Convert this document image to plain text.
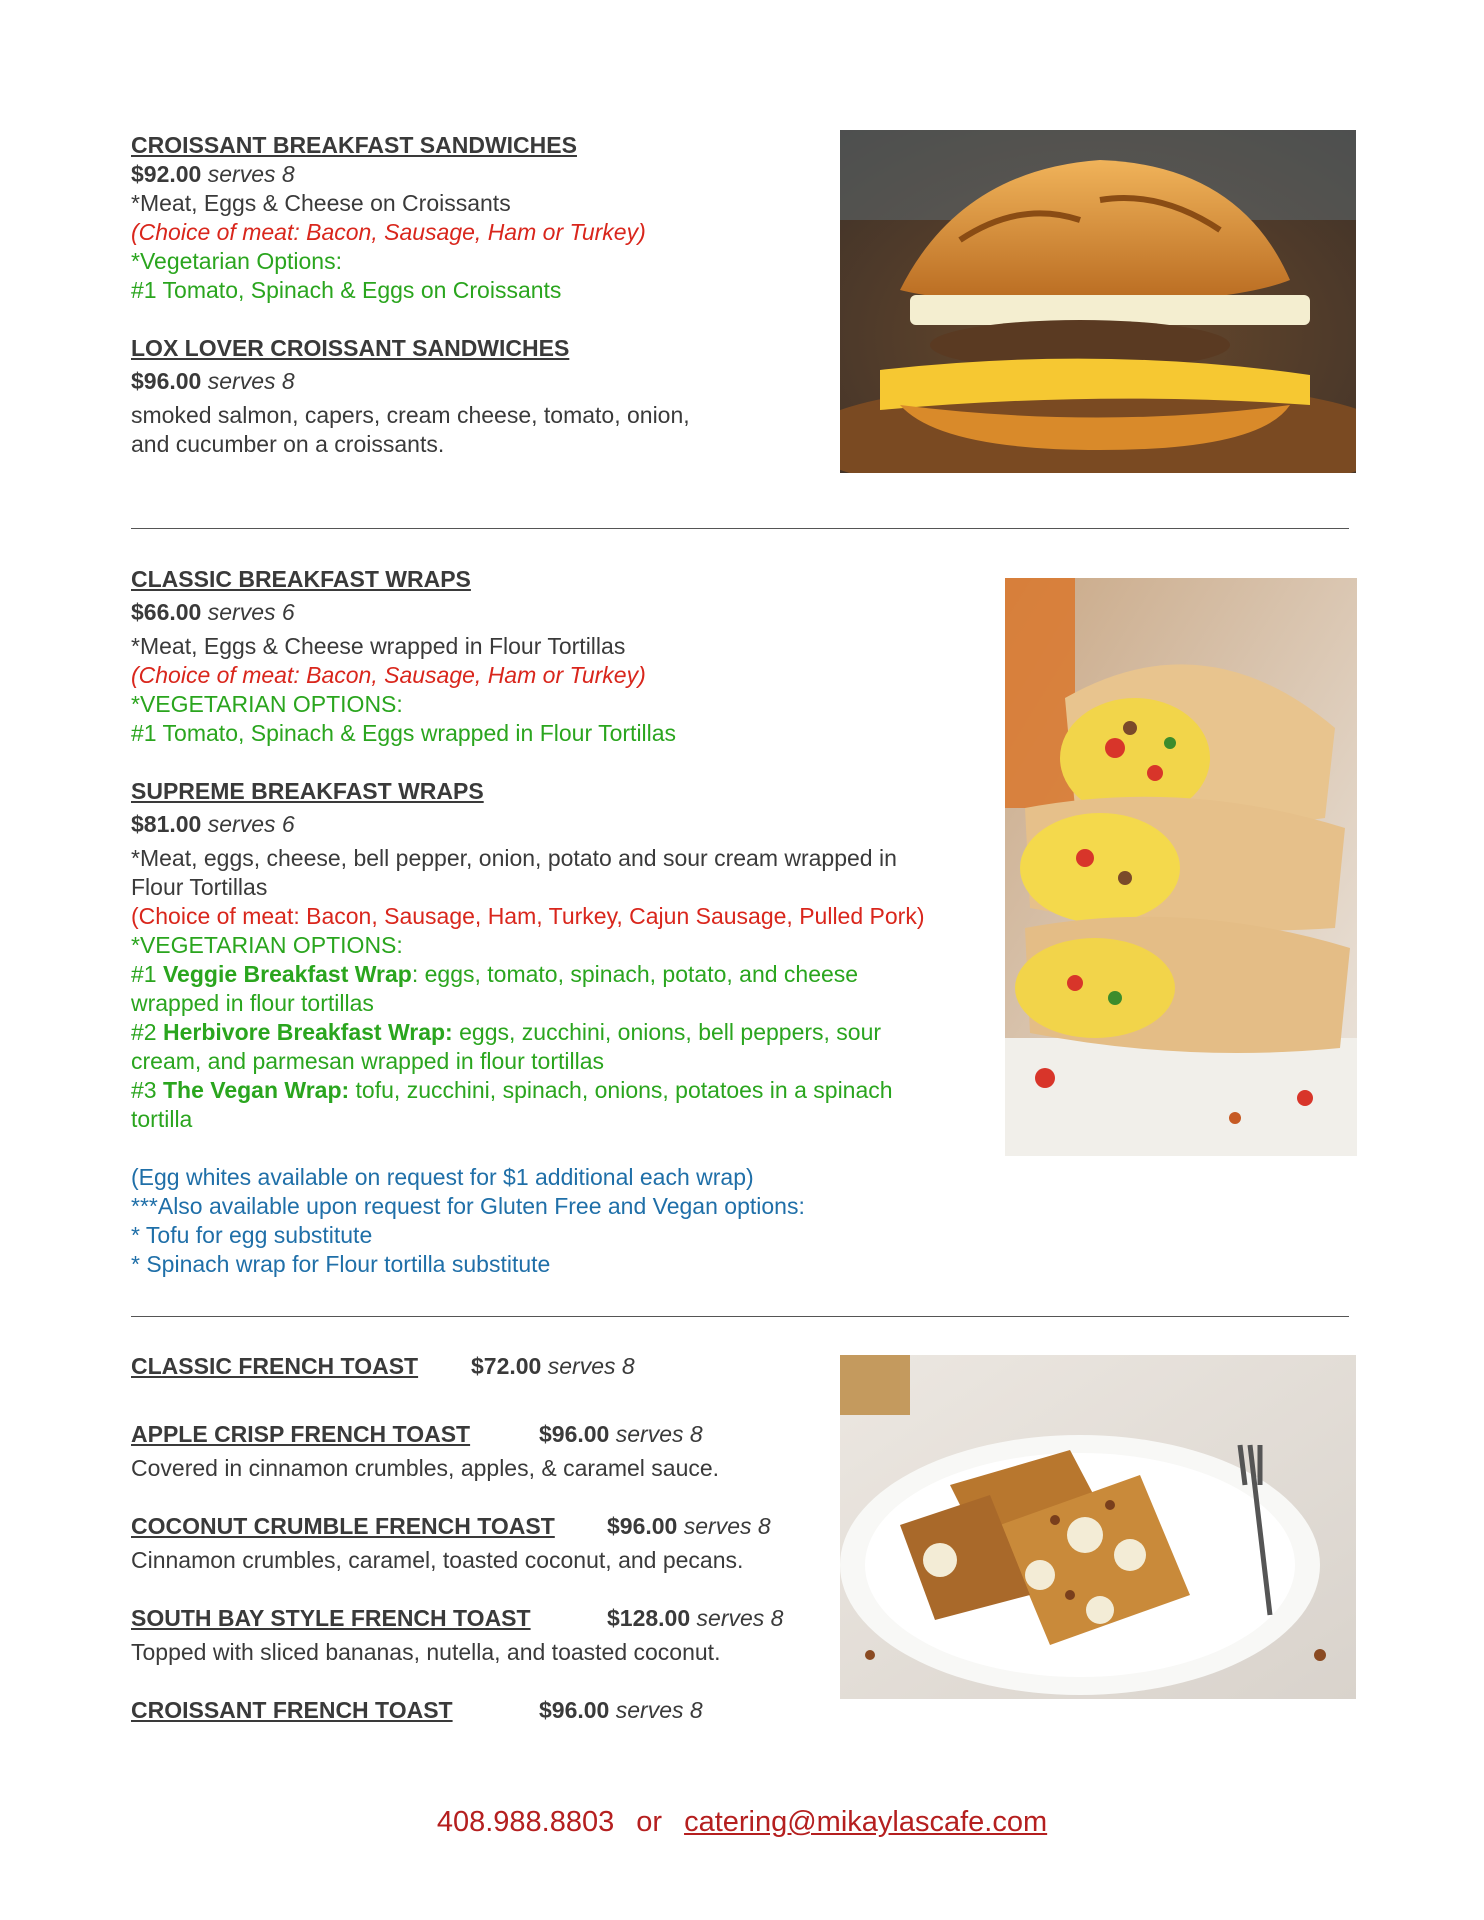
CROISSANT BREAKFAST SANDWICHES
$92.00 serves 8
*Meat, Eggs & Cheese on Croissants
(Choice of meat: Bacon, Sausage, Ham or Turkey)
*Vegetarian Options:
#1 Tomato, Spinach & Eggs on Croissants
LOX LOVER CROISSANT SANDWICHES
$96.00 serves 8
smoked salmon, capers, cream cheese, tomato, onion,
and cucumber on a croissants.
CLASSIC BREAKFAST WRAPS
$66.00 serves 6
*Meat, Eggs & Cheese wrapped in Flour Tortillas
(Choice of meat: Bacon, Sausage, Ham or Turkey)
*VEGETARIAN OPTIONS:
#1 Tomato, Spinach & Eggs wrapped in Flour Tortillas
SUPREME BREAKFAST WRAPS
$81.00 serves 6
*Meat, eggs, cheese, bell pepper, onion, potato and sour cream wrapped in
Flour Tortillas
(Choice of meat: Bacon, Sausage, Ham, Turkey, Cajun Sausage, Pulled Pork)
*VEGETARIAN OPTIONS:
#1 Veggie Breakfast Wrap: eggs, tomato, spinach, potato, and cheese
wrapped in flour tortillas
#2 Herbivore Breakfast Wrap: eggs, zucchini, onions, bell peppers, sour
cream, and parmesan wrapped in flour tortillas
#3 The Vegan Wrap: tofu, zucchini, spinach, onions, potatoes in a spinach
tortilla
(Egg whites available on request for $1 additional each wrap)
***Also available upon request for Gluten Free and Vegan options:
* Tofu for egg substitute
* Spinach wrap for Flour tortilla substitute
CLASSIC FRENCH TOAST $72.00 serves 8
APPLE CRISP FRENCH TOAST	$96.00 serves 8
Covered in cinnamon crumbles, apples, & caramel sauce.
COCONUT CRUMBLE FRENCH TOAST $96.00 serves 8
Cinnamon crumbles, caramel, toasted coconut, and pecans.
SOUTH BAY STYLE FRENCH TOAST	$128.00 serves 8
Topped with sliced bananas, nutella, and toasted coconut.
CROISSANT FRENCH TOAST	$96.00 serves 8
408.988.8803 or catering@mikaylascafe.com
